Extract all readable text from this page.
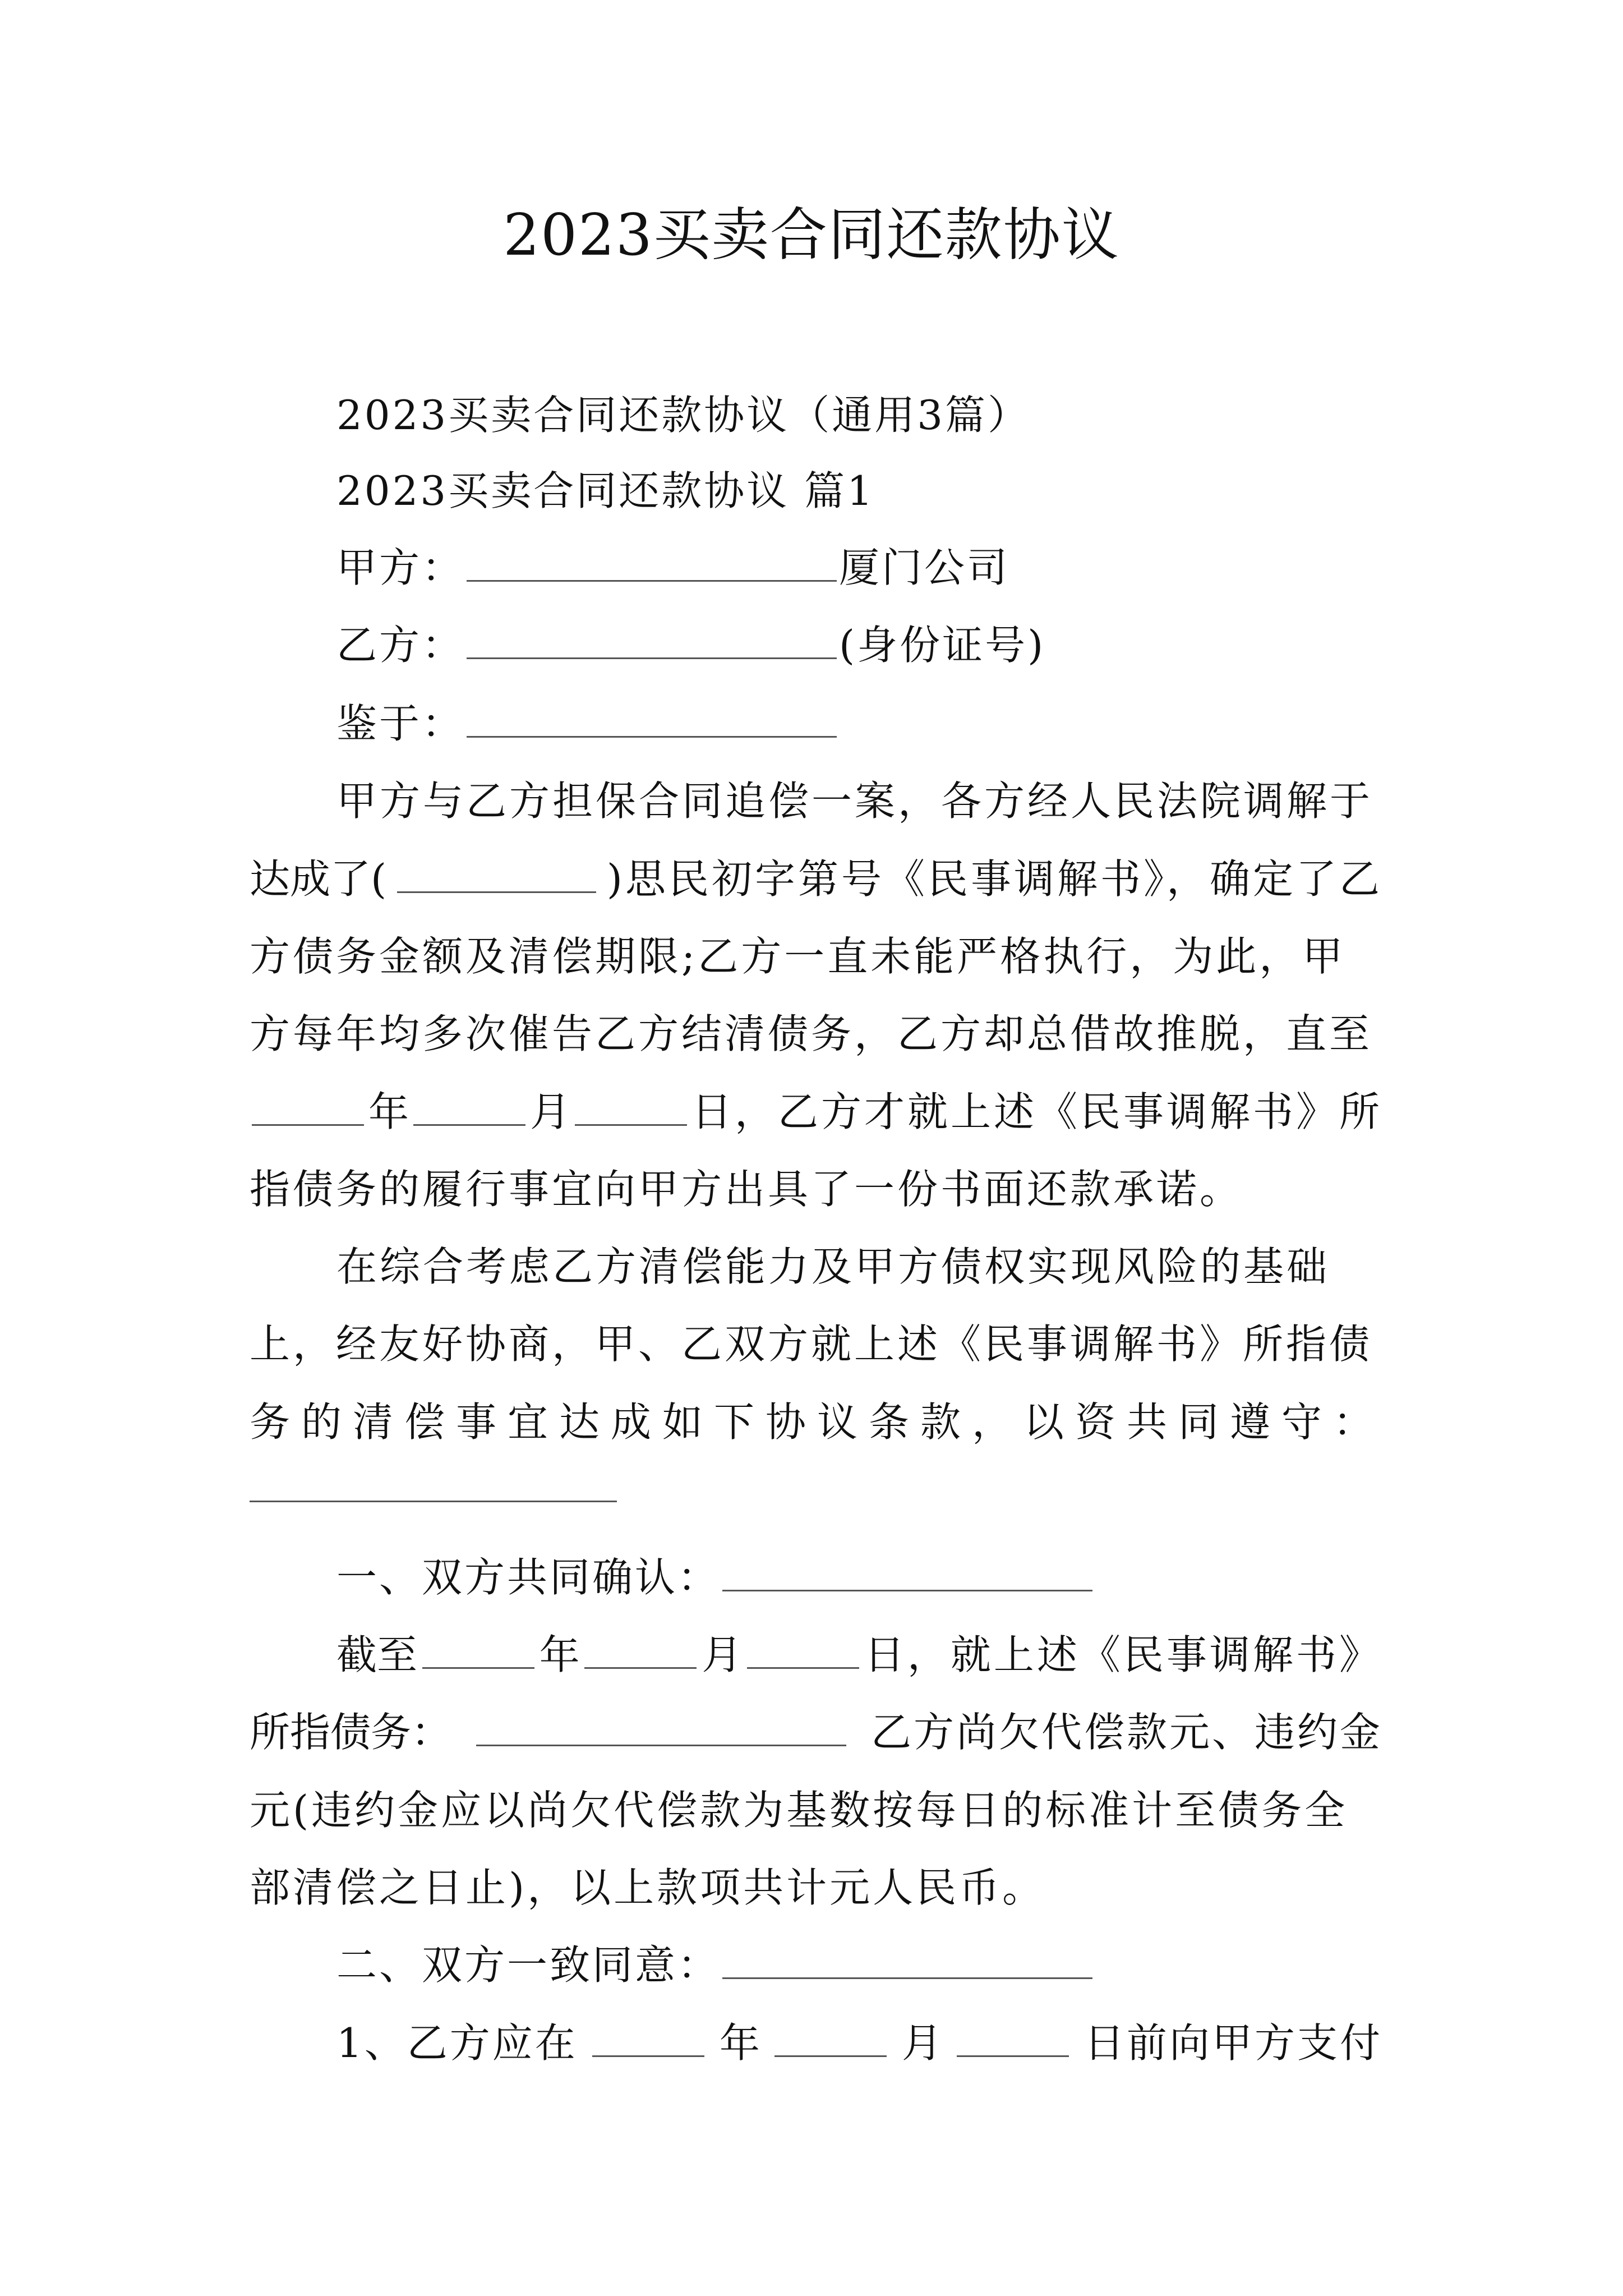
2023买卖合同还款协议
2023买卖合同还款协议（通用3篇）
2023买卖合同还款协议 篇1
甲方：	厦门公司
乙方：	(身份证号)
鉴于：
甲方与乙方担保合同追偿一案，各方经人民法院调解于
达成了(	)思民初字第号《民事调解书》，确定了乙
方债务金额及清偿期限;乙方一直未能严格执行，为此，甲
方每年均多次催告乙方结清债务，乙方却总借故推脱，直至
年	月	日，乙方才就上述《民事调解书》所
指债务的履行事宜向甲方出具了一份书面还款承诺。
在综合考虑乙方清偿能力及甲方债权实现风险的基础
上，经友好协商，甲、乙双方就上述《民事调解书》所指债
务的清偿事宜达成如下协议条款，以资共同遵守：
一、双方共同确认：
截至	年	月	日，就上述《民事调解书》
所指债务：	乙方尚欠代偿款元、违约金
元(违约金应以尚欠代偿款为基数按每日的标准计至债务全
部清偿之日止)，以上款项共计元人民币。
二、双方一致同意：
1、乙方应在	年	月	日前向甲方支付
